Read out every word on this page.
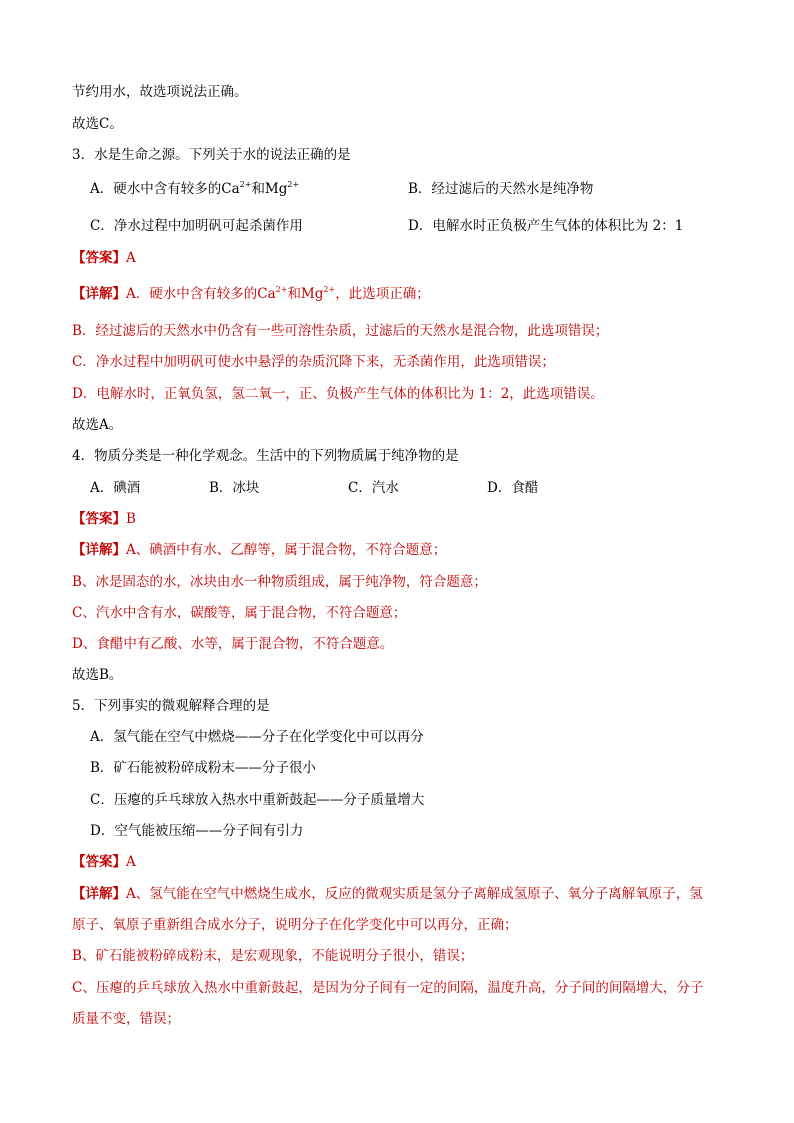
节约用水，故选项说法正确。
故选C。
3．水是生命之源。下列关于水的说法正确的是
A．硬水中含有较多的$Ca^{2+}$和$Mg^{2+}$	B．经过滤后的天然水是纯净物
C．净水过程中加明矾可起杀菌作用	D．电解水时正负极产生气体的体积比为 2：1
【答案】A
【详解】A．硬水中含有较多的$Ca^{2+}$和$Mg^{2+}$，此选项正确；
B．经过滤后的天然水中仍含有一些可溶性杂质，过滤后的天然水是混合物，此选项错误；
C．净水过程中加明矾可使水中悬浮的杂质沉降下来，无杀菌作用，此选项错误；
D．电解水时，正氧负氢，氢二氧一，正、负极产生气体的体积比为 1：2，此选项错误。
故选A。
4．物质分类是一种化学观念。生活中的下列物质属于纯净物的是
A．碘酒	B．冰块	C．汽水	D．食醋
【答案】B
【详解】A、碘酒中有水、乙醇等，属于混合物，不符合题意；
B、冰是固态的水，冰块由水一种物质组成，属于纯净物，符合题意；
C、汽水中含有水，碳酸等，属于混合物，不符合题意；
D、食醋中有乙酸、水等，属于混合物，不符合题意。
故选B。
5．下列事实的微观解释合理的是
A．氢气能在空气中燃烧——分子在化学变化中可以再分
B．矿石能被粉碎成粉末——分子很小
C．压瘪的乒乓球放入热水中重新鼓起——分子质量增大
D．空气能被压缩——分子间有引力
【答案】A
【详解】A、氢气能在空气中燃烧生成水，反应的微观实质是氢分子离解成氢原子、氧分子离解氧原子，氢
原子、氧原子重新组合成水分子，说明分子在化学变化中可以再分，正确；
B、矿石能被粉碎成粉末，是宏观现象，不能说明分子很小，错误；
C、压瘪的乒乓球放入热水中重新鼓起，是因为分子间有一定的间隔，温度升高，分子间的间隔增大，分子
质量不变，错误；
